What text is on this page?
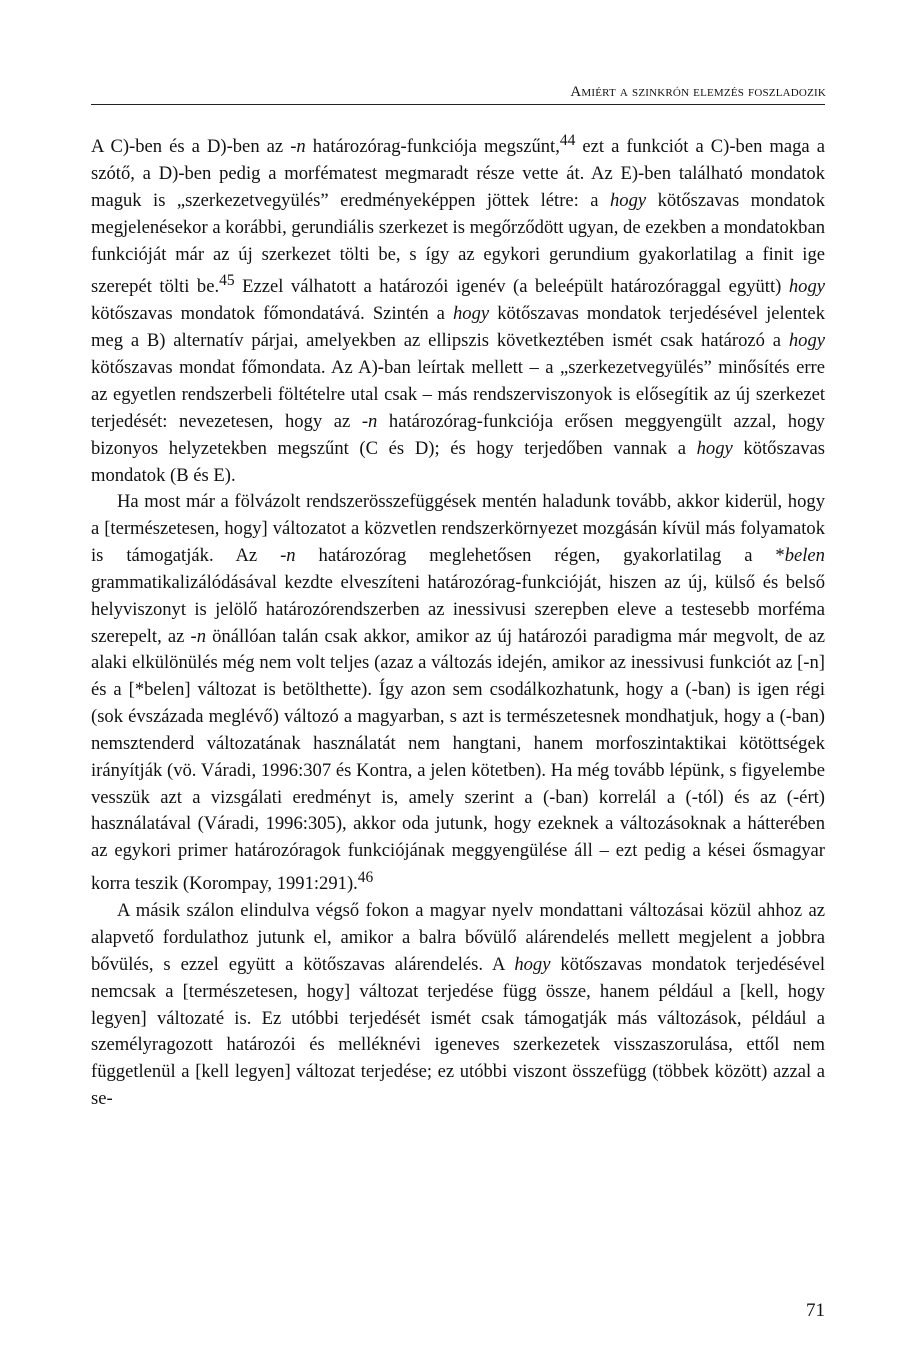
Amiért a szinkrón elemzés foszladozik

A C)-ben és a D)-ben az -n határozórag-funkciója megszűnt,$^{44}$ ezt a funkciót a C)-ben maga a szótő, a D)-ben pedig a morfématest megmaradt része vette át. Az E)-ben található mondatok maguk is „szerkezetvegyülés” eredményeképpen jöttek létre: a hogy kötőszavas mondatok megjelenésekor a korábbi, gerundiális szerkezet is megőrződött ugyan, de ezekben a mondatokban funkcióját már az új szerkezet tölti be, s így az egykori gerundium gyakorlatilag a finit ige szerepét tölti be.$^{45}$ Ezzel válhatott a határozói igenév (a beleépült határozóraggal együtt) hogy kötőszavas mondatok főmondatává. Szintén a hogy kötőszavas mondatok terjedésével jelentek meg a B) alternatív párjai, amelyekben az ellipszis következtében ismét csak határozó a hogy kötőszavas mondat főmondata. Az A)-ban leírtak mellett – a „szerkezetvegyülés” minősítés erre az egyetlen rendszerbeli föltételre utal csak – más rendszerviszonyok is elősegítik az új szerkezet terjedését: nevezetesen, hogy az -n határozórag-funkciója erősen meggyengült azzal, hogy bizonyos helyzetekben megszűnt (C és D); és hogy terjedőben vannak a hogy kötőszavas mondatok (B és E).

Ha most már a fölvázolt rendszerösszefüggések mentén haladunk tovább, akkor kiderül, hogy a [természetesen, hogy] változatot a közvetlen rendszerkörnyezet mozgásán kívül más folyamatok is támogatják. Az -n határozórag meglehetősen régen, gyakorlatilag a *belen grammatikalizálódásával kezdte elveszíteni határozórag-funkcióját, hiszen az új, külső és belső helyviszonyt is jelölő határozórendszerben az inessivusi szerepben eleve a testesebb morféma szerepelt, az -n önállóan talán csak akkor, amikor az új határozói paradigma már megvolt, de az alaki elkülönülés még nem volt teljes (azaz a változás idején, amikor az inessivusi funkciót az [-n] és a [*belen] változat is betölthette). Így azon sem csodálkozhatunk, hogy a (-ban) is igen régi (sok évszázada meglévő) változó a magyarban, s azt is természetesnek mondhatjuk, hogy a (-ban) nemsztenderd változatának használatát nem hangtani, hanem morfoszintaktikai kötöttségek irányítják (vö. Váradi, 1996:307 és Kontra, a jelen kötetben). Ha még tovább lépünk, s figyelembe vesszük azt a vizsgálati eredményt is, amely szerint a (-ban) korrelál a (-tól) és az (-ért) használatával (Váradi, 1996:305), akkor oda jutunk, hogy ezeknek a változásoknak a hátterében az egykori primer határozóragok funkciójának meggyengülése áll – ezt pedig a kései ősmagyar korra teszik (Korompay, 1991:291).$^{46}$

A másik szálon elindulva végső fokon a magyar nyelv mondattani változásai közül ahhoz az alapvető fordulathoz jutunk el, amikor a balra bővülő alárendelés mellett megjelent a jobbra bővülés, s ezzel együtt a kötőszavas alárendelés. A hogy kötőszavas mondatok terjedésével nemcsak a [természetesen, hogy] változat terjedése függ össze, hanem például a [kell, hogy legyen] változaté is. Ez utóbbi terjedését ismét csak támogatják más változások, például a személyragozott határozói és melléknévi igeneves szerkezetek visszaszorulása, ettől nem függetlenül a [kell legyen] változat terjedése; ez utóbbi viszont összefügg (többek között) azzal a se-

71
